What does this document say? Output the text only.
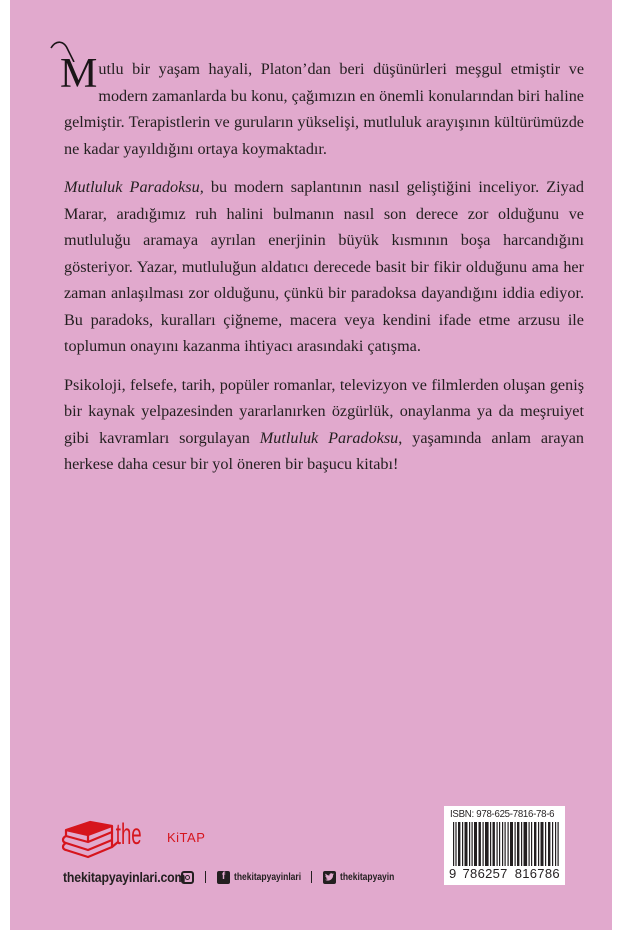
M utlu bir yaşam hayali, Platon’dan beri düşünürleri meşgul etmiştir ve modern zamanlarda bu konu, çağımızın en önemli konularından biri haline gelmiştir. Terapistlerin ve guruların yükselişi, mutluluk arayışının kültürümüzde ne kadar yayıldığını ortaya koymaktadır.

Mutluluk Paradoksu, bu modern saplantının nasıl geliştiğini inceliyor. Ziyad Marar, aradığımız ruh halini bulmanın nasıl son derece zor olduğunu ve mutluluğu aramaya ayrılan enerjinin büyük kısmının boşa harcandığını gösteriyor. Yazar, mutluluğun aldatıcı derecede basit bir fikir olduğunu ama her zaman anlaşılması zor olduğunu, çünkü bir paradoksa dayandığını iddia ediyor. Bu paradoks, kuralları çiğneme, macera veya kendini ifade etme arzusu ile toplumun onayını kazanma ihtiyacı arasındaki çatışma.

Psikoloji, felsefe, tarih, popüler romanlar, televizyon ve filmlerden oluşan geniş bir kaynak yelpazesinden yararlanırken özgürlük, onaylanma ya da meşruiyet gibi kavramları sorgulayan Mutluluk Paradoksu, yaşamında anlam arayan herkese daha cesur bir yol öneren bir başucu kitabı!

the KiTAP
thekitapyayinlari.com	f thekitapyayinlari	thekitapyayin
ISBN: 978-625-7816-78-6
9 786257 816786
